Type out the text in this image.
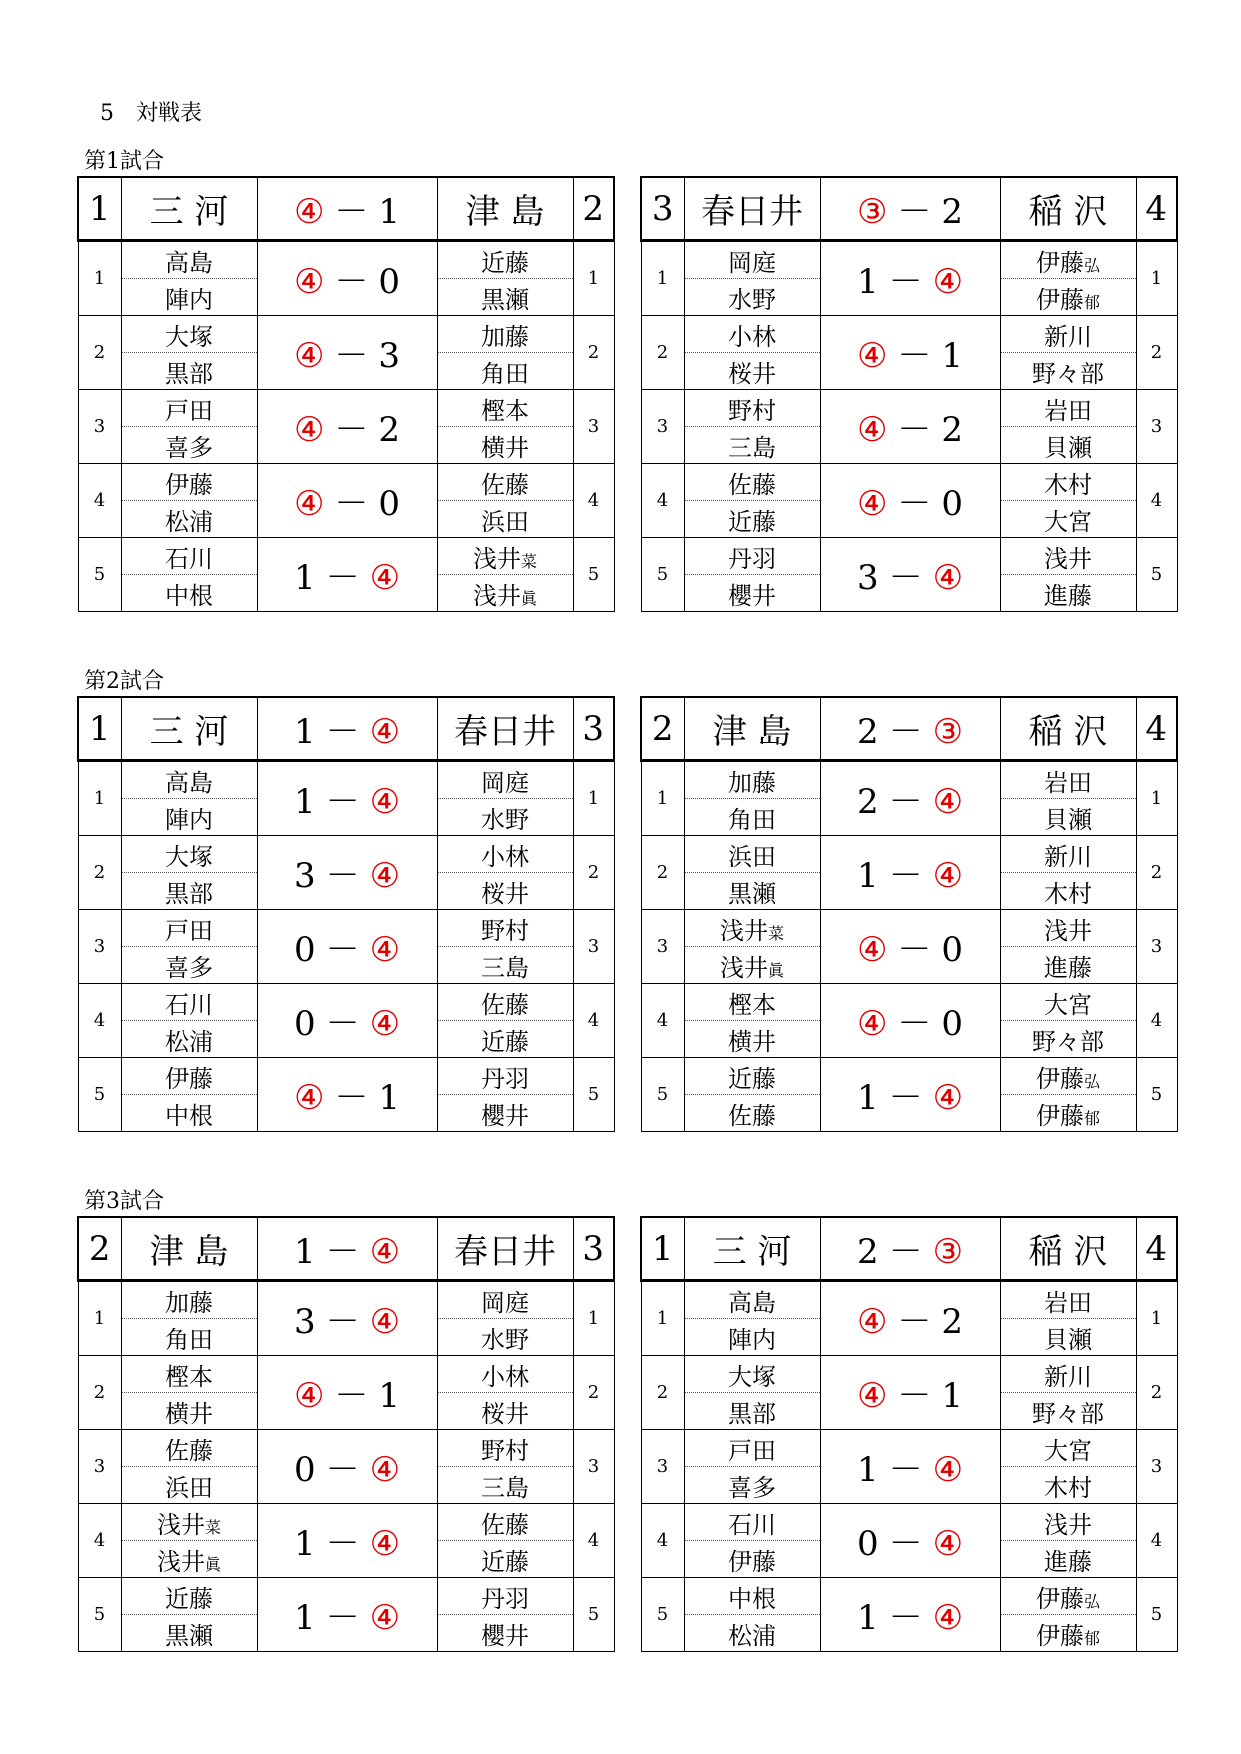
5　対戦表
第1試合
1	三 河	④ － 1	津 島	2
1	高島	④ － 0	近藤	1
	陣内		黒瀬	
2	大塚	④ － 3	加藤	2
	黒部		角田	
3	戸田	④ － 2	樫本	3
	喜多		横井	
4	伊藤	④ － 0	佐藤	4
	松浦		浜田	
5	石川	1 － ④	浅井菜	5
	中根		浅井眞	
3	春日井	③ － 2	稲 沢	4
1	岡庭	1 － ④	伊藤弘	1
	水野		伊藤郁	
2	小林	④ － 1	新川	2
	桜井		野々部	
3	野村	④ － 2	岩田	3
	三島		貝瀬	
4	佐藤	④ － 0	木村	4
	近藤		大宮	
5	丹羽	3 － ④	浅井	5
	櫻井		進藤	
第2試合
1	三 河	1 － ④	春日井	3
1	高島	1 － ④	岡庭	1
	陣内		水野	
2	大塚	3 － ④	小林	2
	黒部		桜井	
3	戸田	0 － ④	野村	3
	喜多		三島	
4	石川	0 － ④	佐藤	4
	松浦		近藤	
5	伊藤	④ － 1	丹羽	5
	中根		櫻井	
2	津 島	2 － ③	稲 沢	4
1	加藤	2 － ④	岩田	1
	角田		貝瀬	
2	浜田	1 － ④	新川	2
	黒瀬		木村	
3	浅井菜	④ － 0	浅井	3
	浅井眞		進藤	
4	樫本	④ － 0	大宮	4
	横井		野々部	
5	近藤	1 － ④	伊藤弘	5
	佐藤		伊藤郁	
第3試合
2	津 島	1 － ④	春日井	3
1	加藤	3 － ④	岡庭	1
	角田		水野	
2	樫本	④ － 1	小林	2
	横井		桜井	
3	佐藤	0 － ④	野村	3
	浜田		三島	
4	浅井菜	1 － ④	佐藤	4
	浅井眞		近藤	
5	近藤	1 － ④	丹羽	5
	黒瀬		櫻井	
1	三 河	2 － ③	稲 沢	4
1	高島	④ － 2	岩田	1
	陣内		貝瀬	
2	大塚	④ － 1	新川	2
	黒部		野々部	
3	戸田	1 － ④	大宮	3
	喜多		木村	
4	石川	0 － ④	浅井	4
	伊藤		進藤	
5	中根	1 － ④	伊藤弘	5
	松浦		伊藤郁	
